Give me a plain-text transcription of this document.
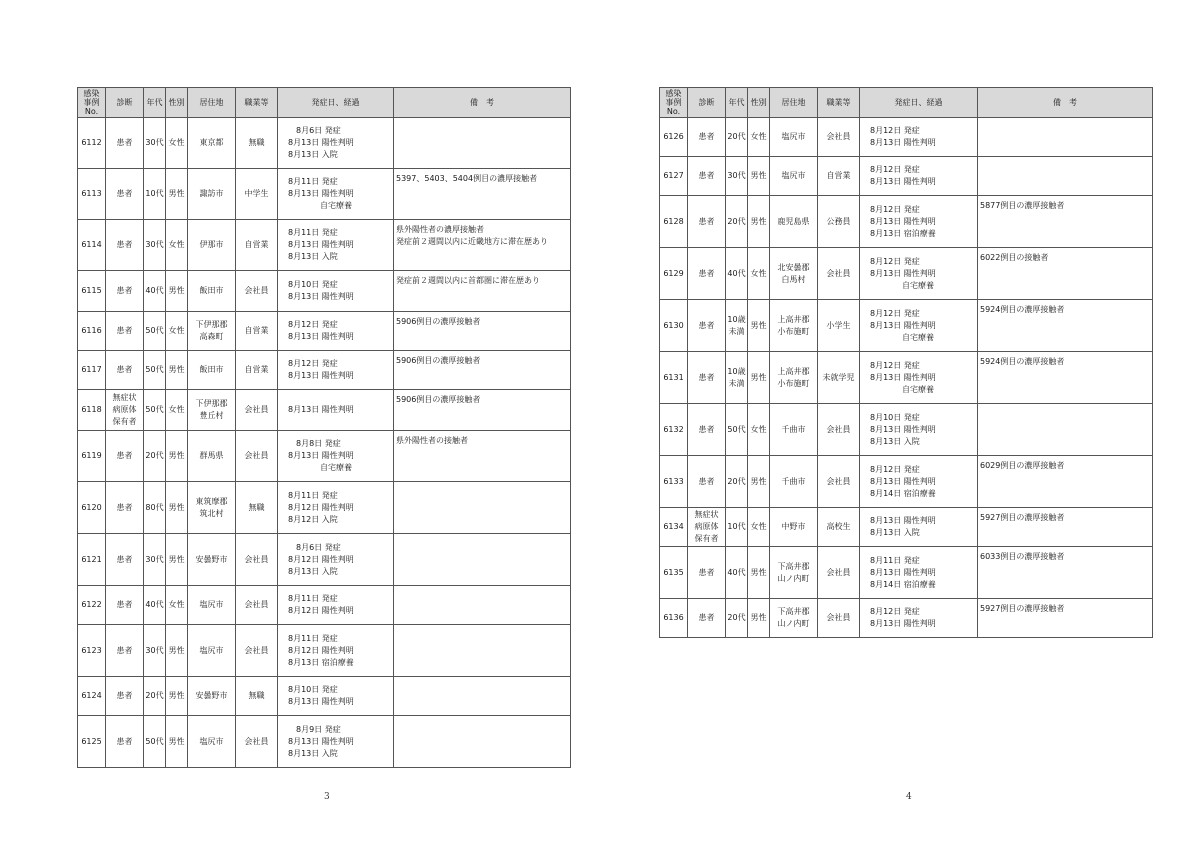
感染
事例
No.	診断	年代	性別	居住地	職業等	発症日、経過	備　考

6112	患者	30代	女性	東京都	無職	　8月6日 発症
8月13日 陽性判明
8月13日 入院	

6113	患者	10代	男性	諏訪市	中学生	8月11日 発症
8月13日 陽性判明
　　　　自宅療養	5397、5403、5404例目の濃厚接触者

6114	患者	30代	女性	伊那市	自営業	8月11日 発症
8月13日 陽性判明
8月13日 入院	県外陽性者の濃厚接触者
発症前２週間以内に近畿地方に滞在歴あり

6115	患者	40代	男性	飯田市	会社員	8月10日 発症
8月13日 陽性判明	発症前２週間以内に首都圏に滞在歴あり

6116	患者	50代	女性	下伊那郡
高森町	自営業	8月12日 発症
8月13日 陽性判明	5906例目の濃厚接触者

6117	患者	50代	男性	飯田市	自営業	8月12日 発症
8月13日 陽性判明	5906例目の濃厚接触者

6118	無症状
病原体
保有者	50代	女性	下伊那郡
豊丘村	会社員	8月13日 陽性判明	5906例目の濃厚接触者

6119	患者	20代	男性	群馬県	会社員	　8月8日 発症
8月13日 陽性判明
　　　　自宅療養	県外陽性者の接触者

6120	患者	80代	男性	東筑摩郡
筑北村	無職	8月11日 発症
8月12日 陽性判明
8月12日 入院	

6121	患者	30代	男性	安曇野市	会社員	　8月6日 発症
8月12日 陽性判明
8月13日 入院	

6122	患者	40代	女性	塩尻市	会社員	8月11日 発症
8月12日 陽性判明	

6123	患者	30代	男性	塩尻市	会社員	8月11日 発症
8月12日 陽性判明
8月13日 宿泊療養	

6124	患者	20代	男性	安曇野市	無職	8月10日 発症
8月13日 陽性判明	

6125	患者	50代	男性	塩尻市	会社員	　8月9日 発症
8月13日 陽性判明
8月13日 入院	

感染
事例
No.	診断	年代	性別	居住地	職業等	発症日、経過	備　考

6126	患者	20代	女性	塩尻市	会社員	8月12日 発症
8月13日 陽性判明	

6127	患者	30代	男性	塩尻市	自営業	8月12日 発症
8月13日 陽性判明	

6128	患者	20代	男性	鹿児島県	公務員	8月12日 発症
8月13日 陽性判明
8月13日 宿泊療養	5877例目の濃厚接触者

6129	患者	40代	女性	北安曇郡
白馬村	会社員	8月12日 発症
8月13日 陽性判明
　　　　自宅療養	6022例目の接触者

6130	患者	10歳
未満	男性	上高井郡
小布施町	小学生	8月12日 発症
8月13日 陽性判明
　　　　自宅療養	5924例目の濃厚接触者

6131	患者	10歳
未満	男性	上高井郡
小布施町	未就学児	8月12日 発症
8月13日 陽性判明
　　　　自宅療養	5924例目の濃厚接触者

6132	患者	50代	女性	千曲市	会社員	8月10日 発症
8月13日 陽性判明
8月13日 入院	

6133	患者	20代	男性	千曲市	会社員	8月12日 発症
8月13日 陽性判明
8月14日 宿泊療養	6029例目の濃厚接触者

6134	無症状
病原体
保有者	10代	女性	中野市	高校生	8月13日 陽性判明
8月13日 入院	5927例目の濃厚接触者

6135	患者	40代	男性	下高井郡
山ノ内町	会社員	8月11日 発症
8月13日 陽性判明
8月14日 宿泊療養	6033例目の濃厚接触者

6136	患者	20代	男性	下高井郡
山ノ内町	会社員	8月12日 発症
8月13日 陽性判明	5927例目の濃厚接触者
3	4
